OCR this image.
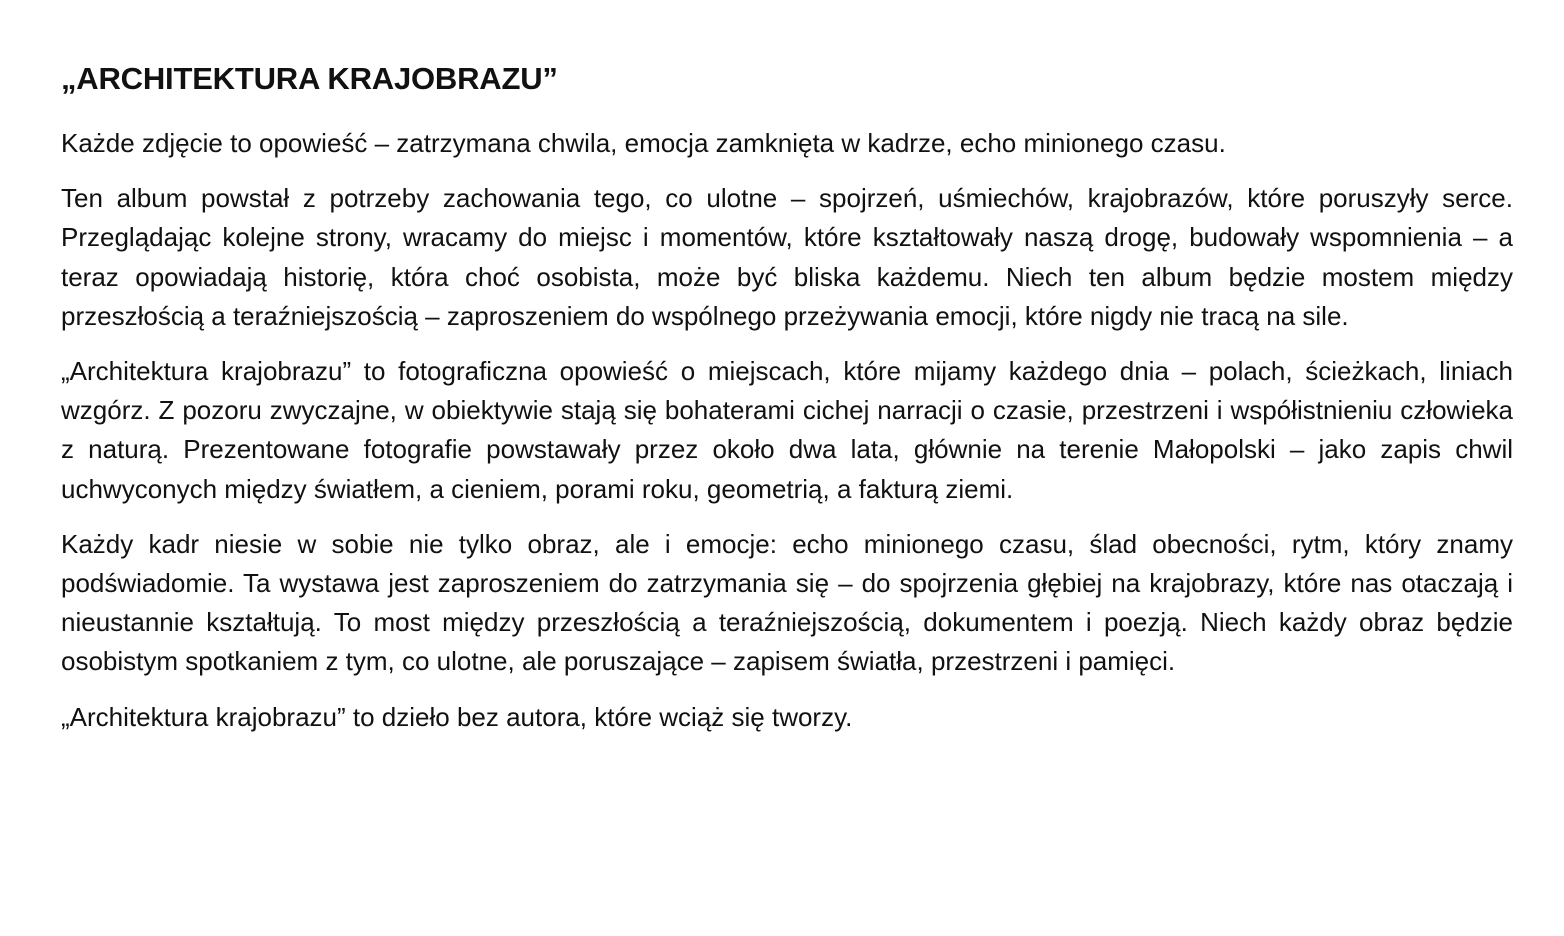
„ARCHITEKTURA KRAJOBRAZU”

Każde zdjęcie to opowieść – zatrzymana chwila, emocja zamknięta w kadrze, echo minionego czasu.

Ten album powstał z potrzeby zachowania tego, co ulotne – spojrzeń, uśmiechów, krajobrazów, które poruszyły serce. Przeglądając kolejne strony, wracamy do miejsc i momentów, które kształtowały naszą drogę, budowały wspomnienia – a teraz opowiadają historię, która choć osobista, może być bliska każdemu. Niech ten album będzie mostem między przeszłością a teraźniejszością – zaproszeniem do wspólnego przeżywania emocji, które nigdy nie tracą na sile.

„Architektura krajobrazu” to fotograficzna opowieść o miejscach, które mijamy każdego dnia – polach, ścieżkach, liniach wzgórz. Z pozoru zwyczajne, w obiektywie stają się bohaterami cichej narracji o czasie, przestrzeni i współistnieniu człowieka z naturą. Prezentowane fotografie powstawały przez około dwa lata, głównie na terenie Małopolski – jako zapis chwil uchwyconych między światłem, a cieniem, porami roku, geometrią, a fakturą ziemi.

Każdy kadr niesie w sobie nie tylko obraz, ale i emocje: echo minionego czasu, ślad obecności, rytm, który znamy podświadomie. Ta wystawa jest zaproszeniem do zatrzymania się – do spojrzenia głębiej na krajobrazy, które nas otaczają i nieustannie kształtują. To most między przeszłością a teraźniejszością, dokumentem i poezją. Niech każdy obraz będzie osobistym spotkaniem z tym, co ulotne, ale poruszające – zapisem światła, przestrzeni i pamięci.

„Architektura krajobrazu” to dzieło bez autora, które wciąż się tworzy.
